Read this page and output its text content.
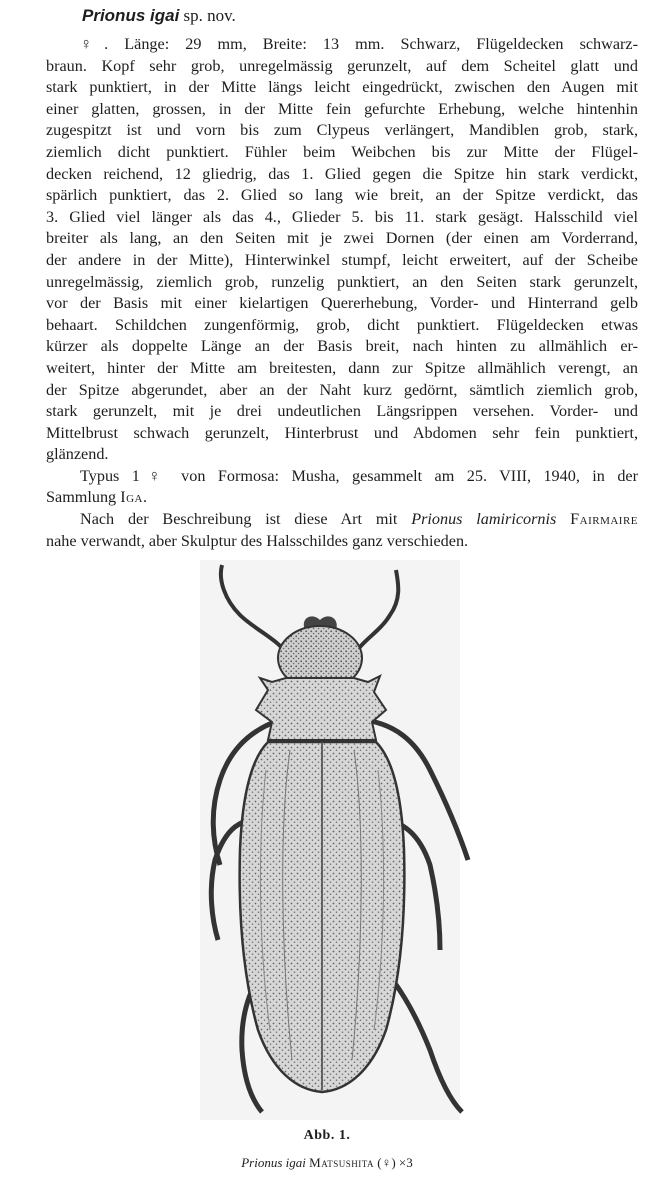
Prionus igai sp. nov.
♀. Länge: 29 mm, Breite: 13 mm. Schwarz, Flügeldecken schwarz-
braun. Kopf sehr grob, unregelmässig gerunzelt, auf dem Scheitel glatt und
stark punktiert, in der Mitte längs leicht eingedrückt, zwischen den Augen mit
einer glatten, grossen, in der Mitte fein gefurchte Erhebung, welche hintenhin
zugespitzt ist und vorn bis zum Clypeus verlängert, Mandiblen grob, stark,
ziemlich dicht punktiert. Fühler beim Weibchen bis zur Mitte der Flügel-
decken reichend, 12 gliedrig, das 1. Glied gegen die Spitze hin stark verdickt,
spärlich punktiert, das 2. Glied so lang wie breit, an der Spitze verdickt, das
3. Glied viel länger als das 4., Glieder 5. bis 11. stark gesägt. Halsschild viel
breiter als lang, an den Seiten mit je zwei Dornen (der einen am Vorderrand,
der andere in der Mitte), Hinterwinkel stumpf, leicht erweitert, auf der Scheibe
unregelmässig, ziemlich grob, runzelig punktiert, an den Seiten stark gerunzelt,
vor der Basis mit einer kielartigen Quererhebung, Vorder- und Hinterrand gelb
behaart. Schildchen zungenförmig, grob, dicht punktiert. Flügeldecken etwas
kürzer als doppelte Länge an der Basis breit, nach hinten zu allmählich er-
weitert, hinter der Mitte am breitesten, dann zur Spitze allmählich verengt, an
der Spitze abgerundet, aber an der Naht kurz gedörnt, sämtlich ziemlich grob,
stark gerunzelt, mit je drei undeutlichen Längsrippen versehen. Vorder- und
Mittelbrust schwach gerunzelt, Hinterbrust und Abdomen sehr fein punktiert,
glänzend.
Typus 1♀ von Formosa: Musha, gesammelt am 25. VIII, 1940, in der
Sammlung Iga.
Nach der Beschreibung ist diese Art mit Prionus lamiricornis Fairmaire
nahe verwandt, aber Skulptur des Halsschildes ganz verschieden.
Abb. 1.
Prionus igai Matsushita (♀) ×3
